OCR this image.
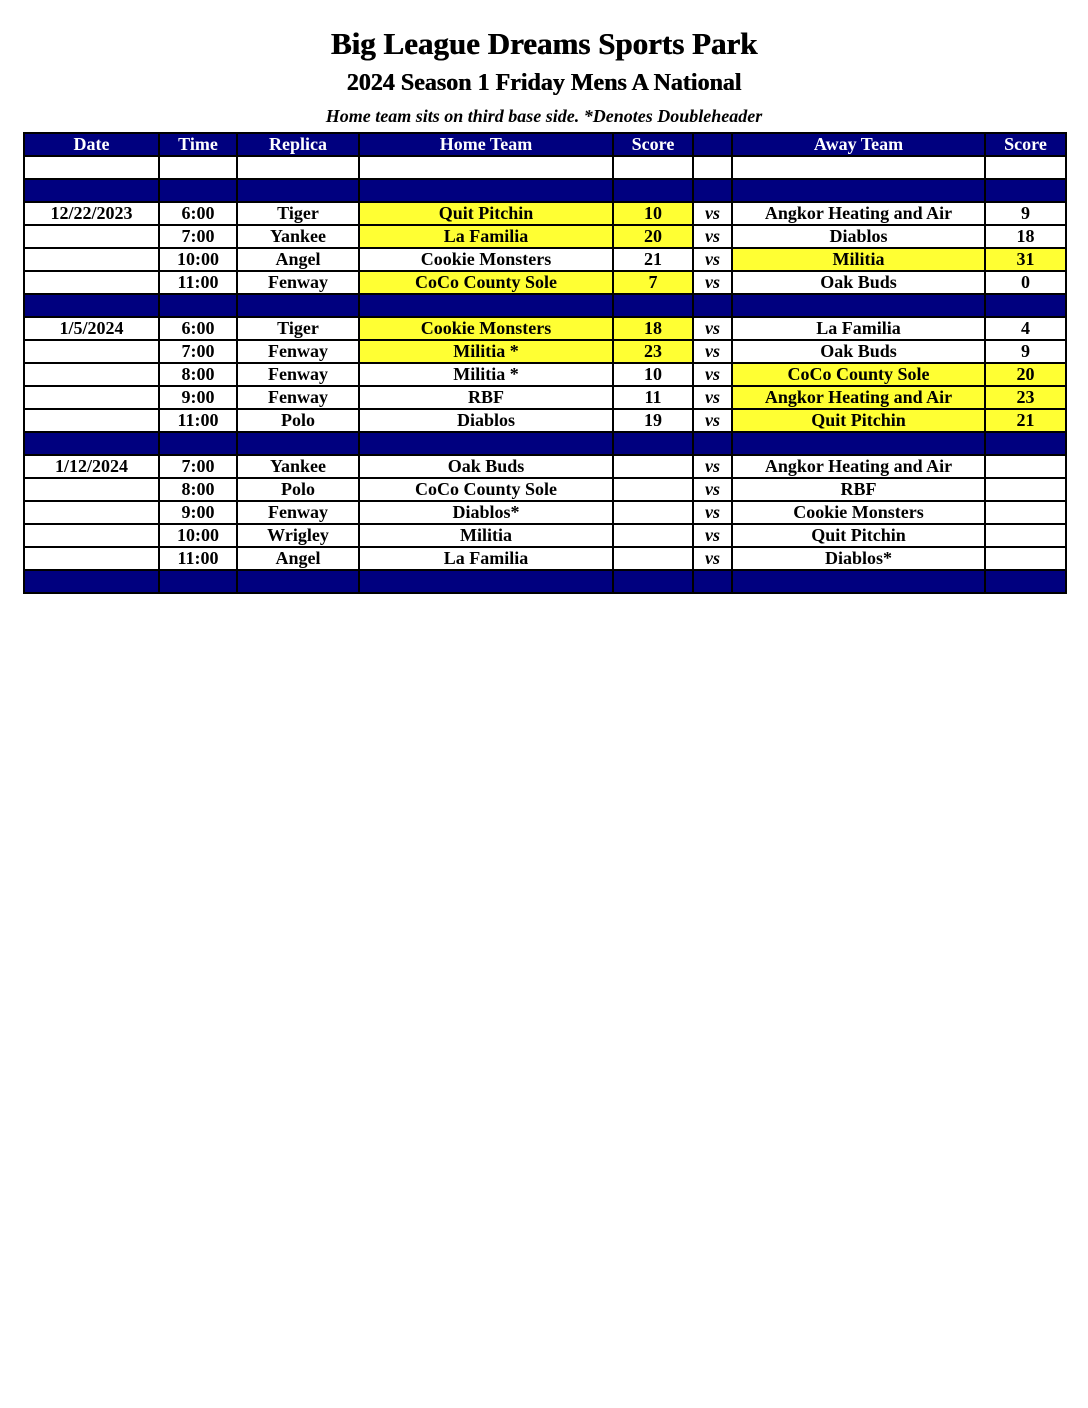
Big League Dreams Sports Park
2024 Season 1 Friday Mens A National
Home team sits on third base side. *Denotes Doubleheader
Date	Time	Replica	Home Team	Score		Away Team	Score

12/22/2023	6:00	Tiger	Quit Pitchin	10	vs	Angkor Heating and Air	9
	7:00	Yankee	La Familia	20	vs	Diablos	18
	10:00	Angel	Cookie Monsters	21	vs	Militia	31
	11:00	Fenway	CoCo County Sole	7	vs	Oak Buds	0

1/5/2024	6:00	Tiger	Cookie Monsters	18	vs	La Familia	4
	7:00	Fenway	Militia *	23	vs	Oak Buds	9
	8:00	Fenway	Militia *	10	vs	CoCo County Sole	20
	9:00	Fenway	RBF	11	vs	Angkor Heating and Air	23
	11:00	Polo	Diablos	19	vs	Quit Pitchin	21

1/12/2024	7:00	Yankee	Oak Buds		vs	Angkor Heating and Air	
	8:00	Polo	CoCo County Sole		vs	RBF	
	9:00	Fenway	Diablos*		vs	Cookie Monsters	
	10:00	Wrigley	Militia		vs	Quit Pitchin	
	11:00	Angel	La Familia		vs	Diablos*	
